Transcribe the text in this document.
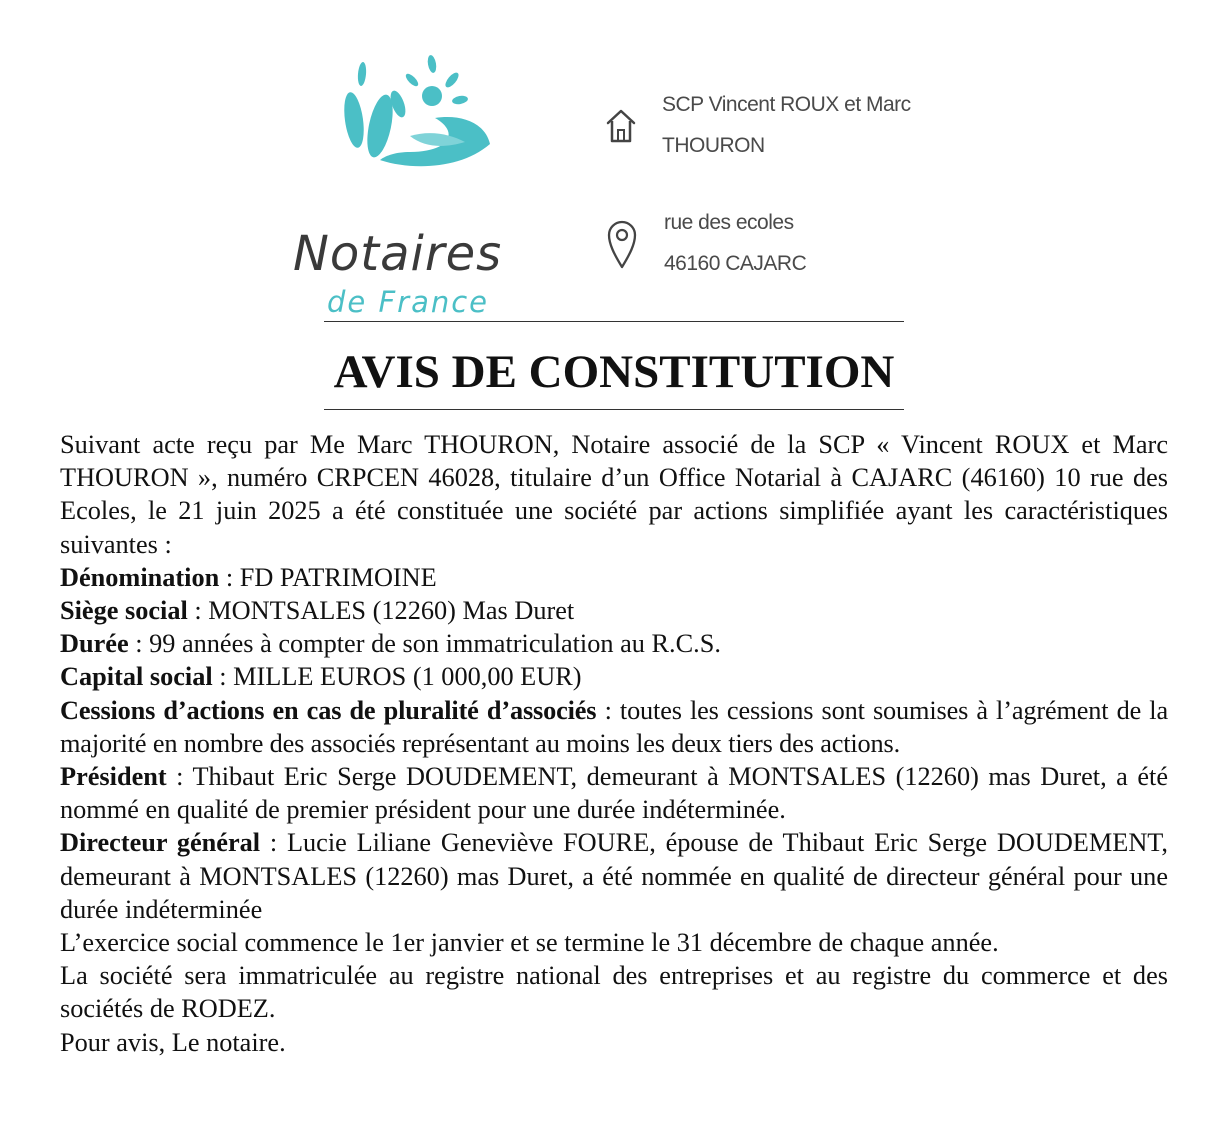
Notaires
de France
SCP Vincent ROUX et Marc
THOURON
rue des ecoles
46160 CAJARC
AVIS DE CONSTITUTION

Suivant acte reçu par Me Marc THOURON, Notaire associé de la SCP « Vincent ROUX et Marc THOURON », numéro CRPCEN 46028, titulaire d’un Office Notarial à CAJARC (46160) 10 rue des Ecoles, le 21 juin 2025 a été constituée une société par actions simplifiée ayant les caractéristiques suivantes :

Dénomination : FD PATRIMOINE

Siège social : MONTSALES (12260) Mas Duret

Durée : 99 années à compter de son immatriculation au R.C.S.

Capital social : MILLE EUROS (1 000,00 EUR)

Cessions d’actions en cas de pluralité d’associés : toutes les cessions sont soumises à l’agrément de la majorité en nombre des associés représentant au moins les deux tiers des actions.

Président : Thibaut Eric Serge DOUDEMENT, demeurant à MONTSALES (12260) mas Duret, a été nommé en qualité de premier président pour une durée indéterminée.

Directeur général : Lucie Liliane Geneviève FOURE, épouse de Thibaut Eric Serge DOUDEMENT, demeurant à MONTSALES (12260) mas Duret, a été nommée en qualité de directeur général pour une durée indéterminée

L’exercice social commence le 1er janvier et se termine le 31 décembre de chaque année.

La société sera immatriculée au registre national des entreprises et au registre du commerce et des sociétés de RODEZ.

Pour avis, Le notaire.
